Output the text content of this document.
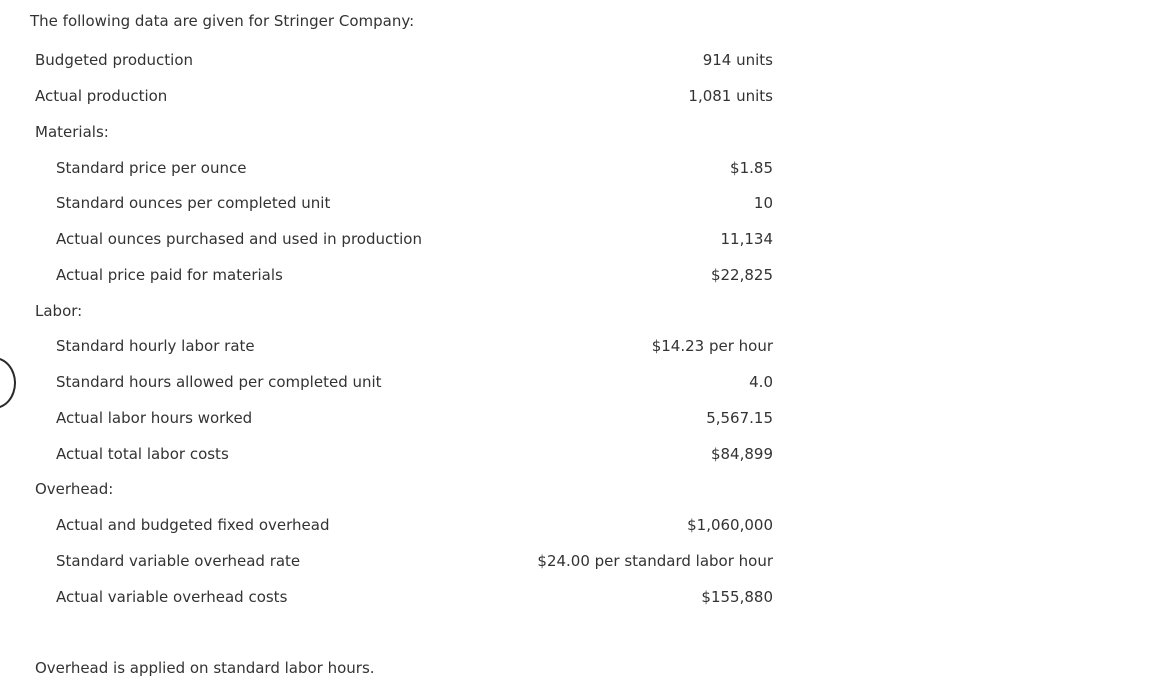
The following data are given for Stringer Company:
Budgeted production	914 units
Actual production	1,081 units
Materials:
Standard price per ounce	$1.85
Standard ounces per completed unit	10
Actual ounces purchased and used in production	11,134
Actual price paid for materials	$22,825
Labor:
Standard hourly labor rate	$14.23 per hour
Standard hours allowed per completed unit	4.0
Actual labor hours worked	5,567.15
Actual total labor costs	$84,899
Overhead:
Actual and budgeted fixed overhead	$1,060,000
Standard variable overhead rate	$24.00 per standard labor hour
Actual variable overhead costs	$155,880
Overhead is applied on standard labor hours.
